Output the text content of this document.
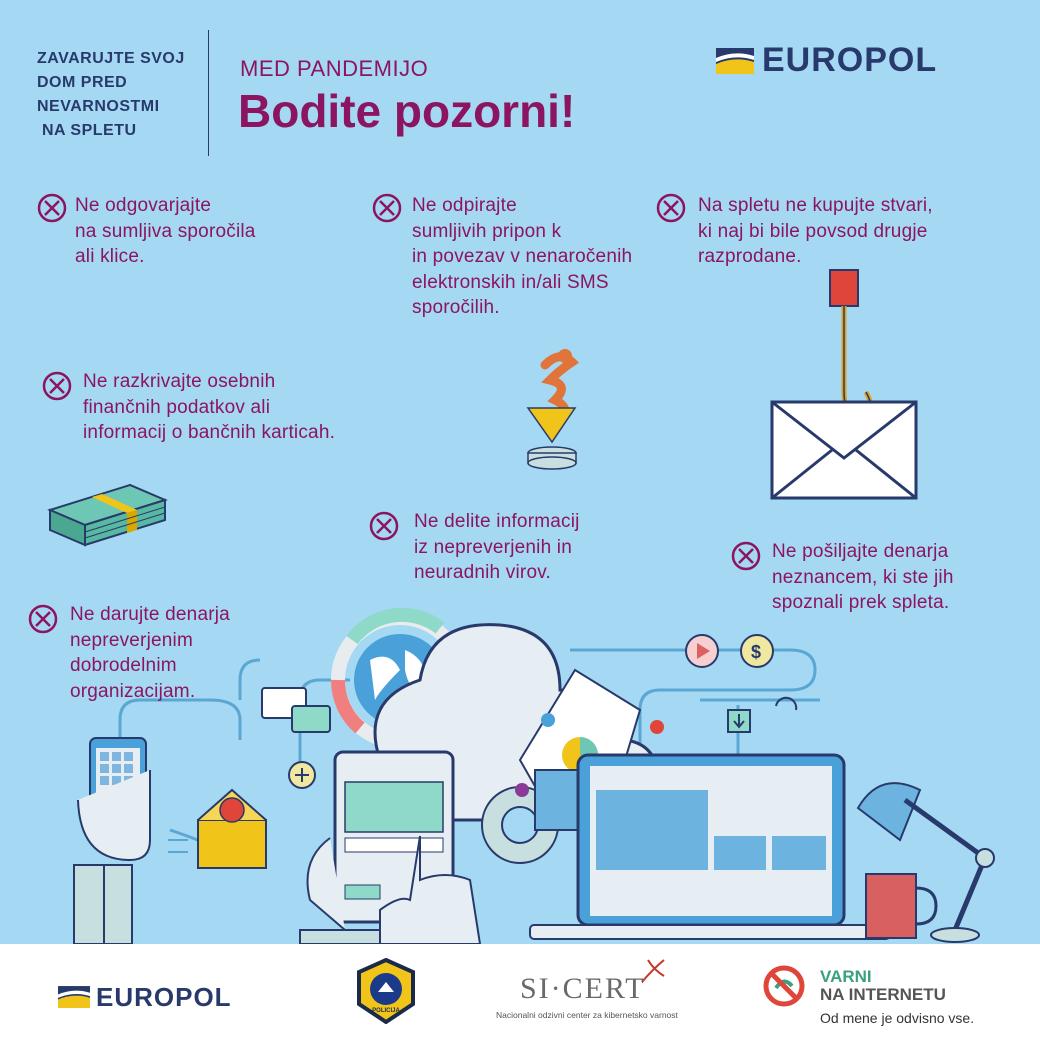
ZAVARUJTE SVOJ
DOM PRED
NEVARNOSTMI
NA SPLETU
MED PANDEMIJO
Bodite pozorni!
EUROPOL
$
Ne odgovarjajte
na sumljiva sporočila
ali klice.
Ne odpirajte
sumljivih pripon k
in povezav v nenaročenih
elektronskih in/ali SMS
sporočilih.
Na spletu ne kupujte stvari,
ki naj bi bile povsod drugje
razprodane.
Ne razkrivajte osebnih
finančnih podatkov ali
informacij o bančnih karticah.
Ne delite informacij
iz nepreverjenih in
neuradnih virov.
Ne pošiljajte denarja
neznancem, ki ste jih
spoznali prek spleta.
Ne darujte denarja
nepreverjenim
dobrodelnim
organizacijam.
EUROPOL	POLICIJA
SI·CERT
Nacionalni odzivni center za kibernetsko varnost
VARNI
NA INTERNETU
Od mene je odvisno vse.
